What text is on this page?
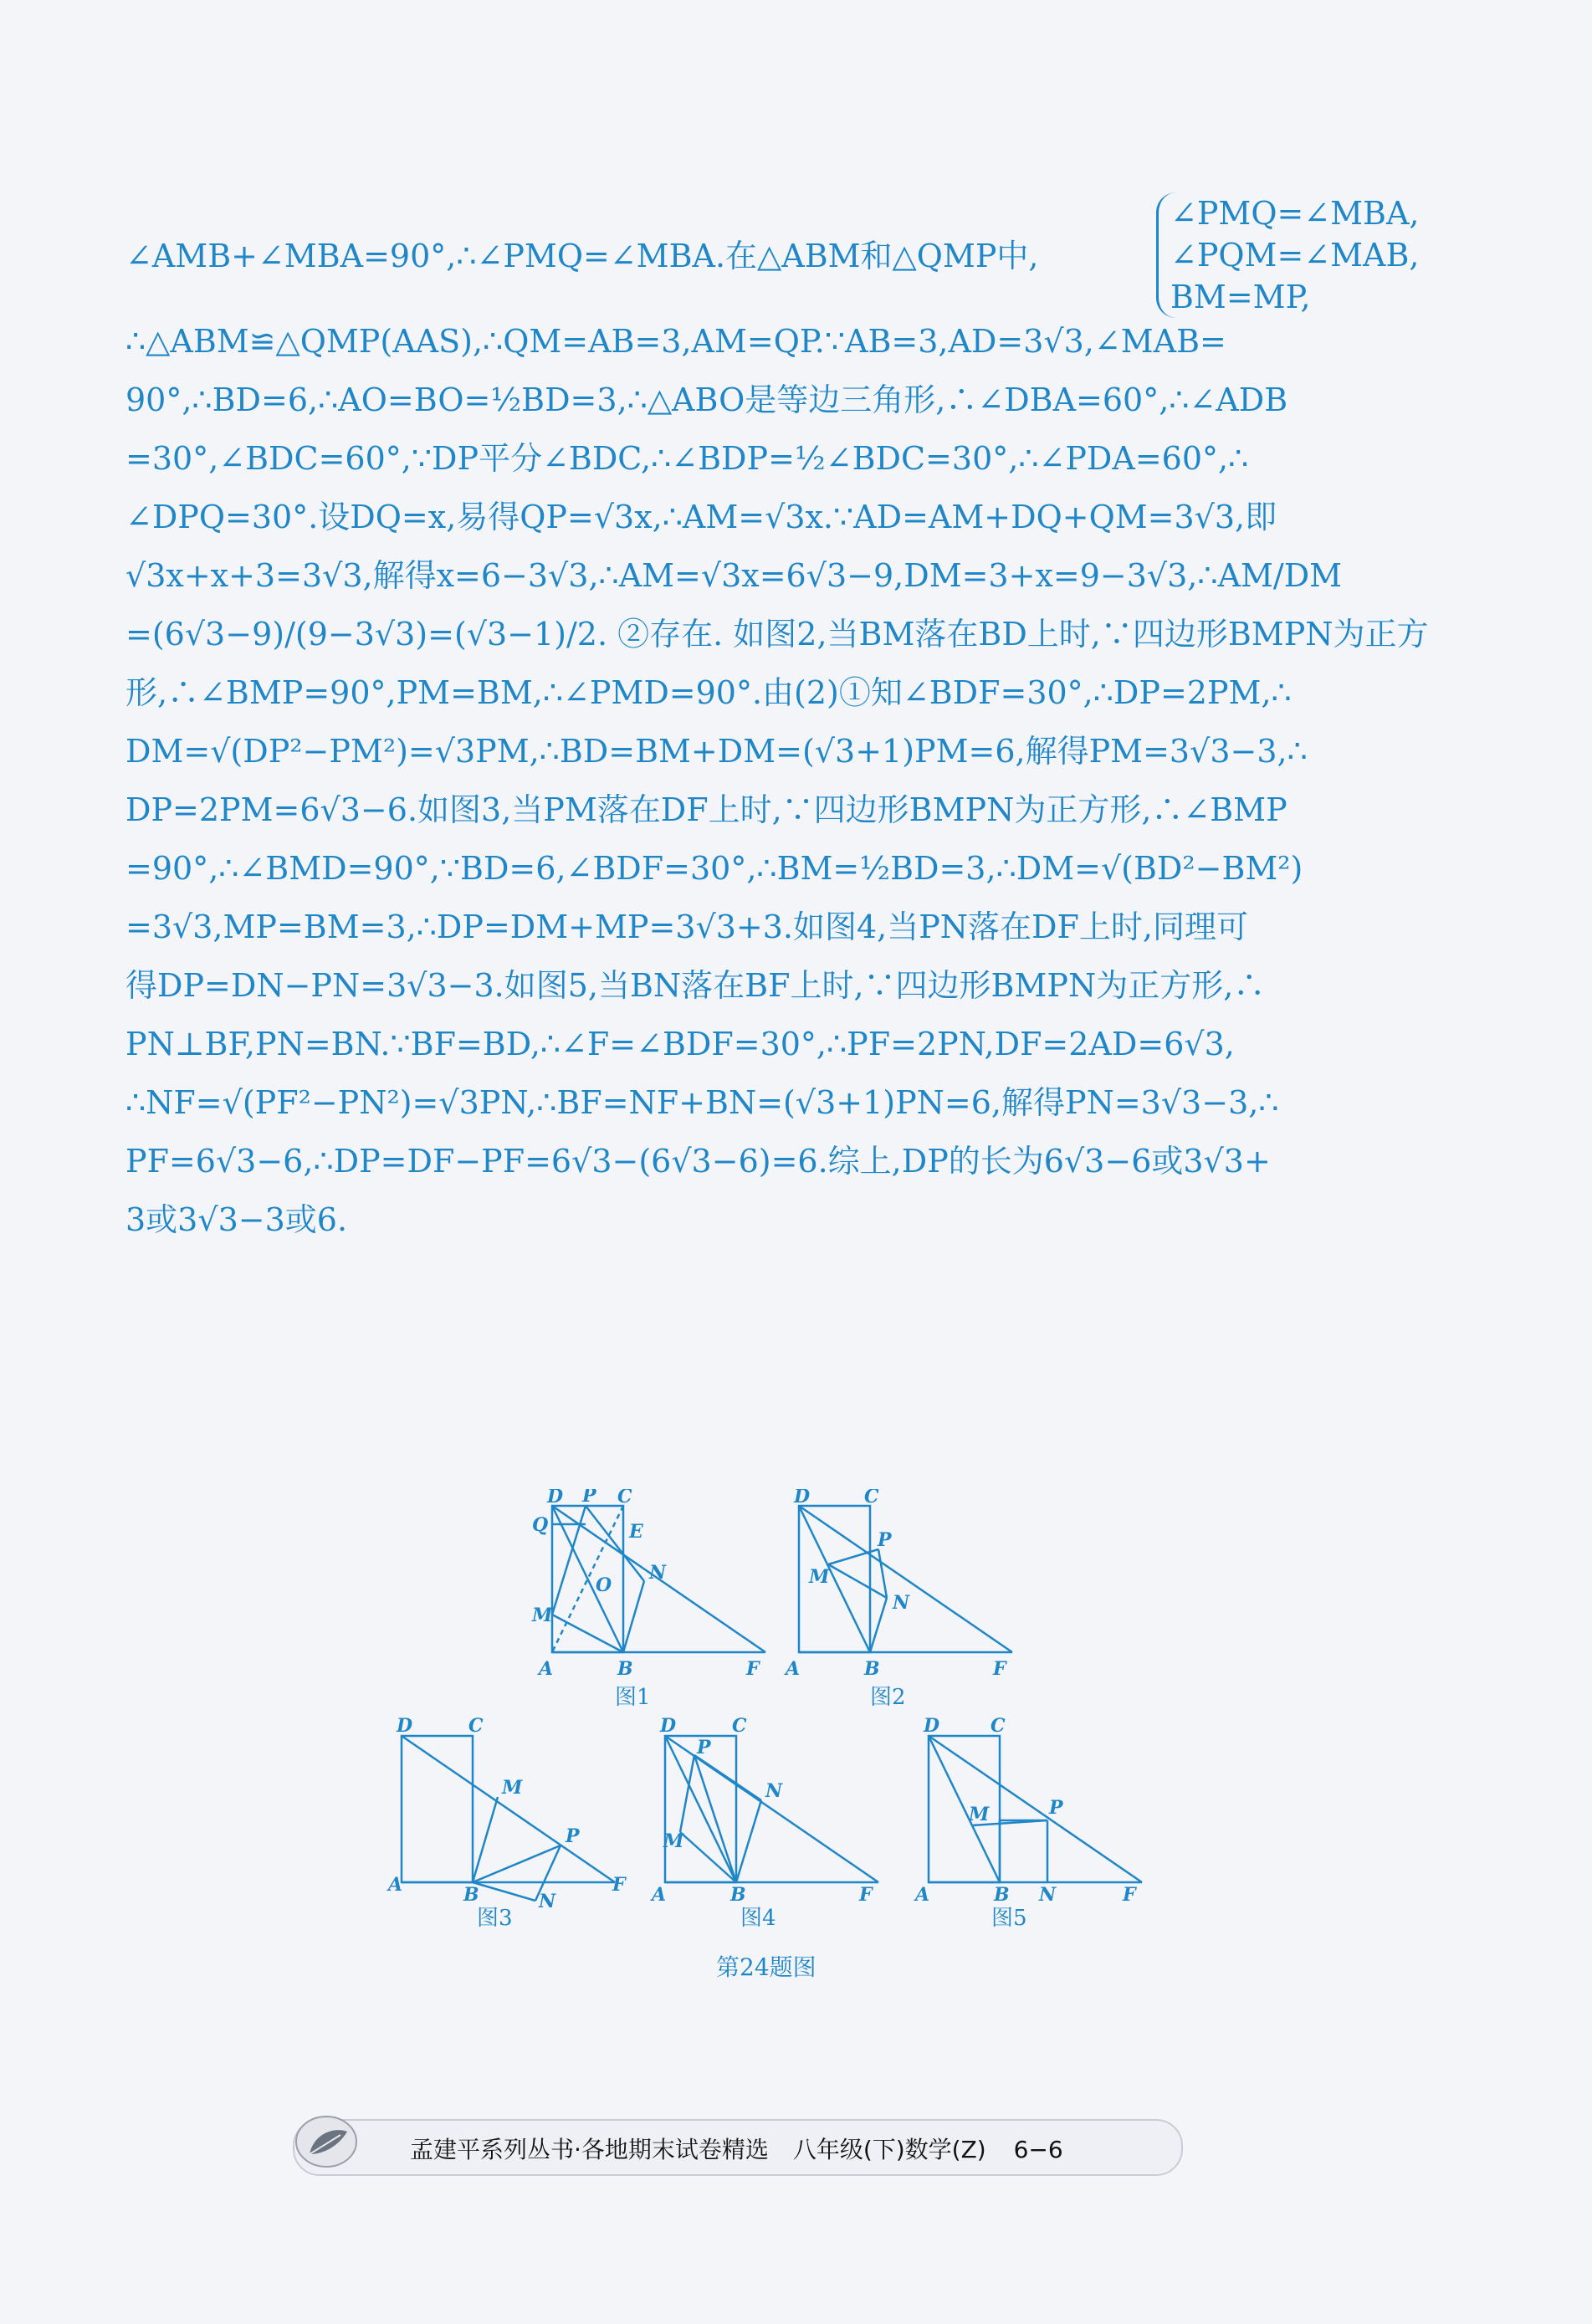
∠AMB+∠MBA=90°,∴∠PMQ=∠MBA.在△ABM和△QMP中,
∠PMQ=∠MBA,
∠PQM=∠MAB,
BM=MP,
∴△ABM≌△QMP(AAS),∴QM=AB=3,AM=QP.∵AB=3,AD=3√3,∠MAB=
90°,∴BD=6,∴AO=BO=½BD=3,∴△ABO是等边三角形,∴∠DBA=60°,∴∠ADB
=30°,∠BDC=60°,∵DP平分∠BDC,∴∠BDP=½∠BDC=30°,∴∠PDA=60°,∴
∠DPQ=30°.设DQ=x,易得QP=√3x,∴AM=√3x.∵AD=AM+DQ+QM=3√3,即
√3x+x+3=3√3,解得x=6−3√3,∴AM=√3x=6√3−9,DM=3+x=9−3√3,∴AM/DM
=(6√3−9)/(9−3√3)=(√3−1)/2. ②存在. 如图2,当BM落在BD上时,∵四边形BMPN为正方
形,∴∠BMP=90°,PM=BM,∴∠PMD=90°.由(2)①知∠BDF=30°,∴DP=2PM,∴
DM=√(DP²−PM²)=√3PM,∴BD=BM+DM=(√3+1)PM=6,解得PM=3√3−3,∴
DP=2PM=6√3−6.如图3,当PM落在DF上时,∵四边形BMPN为正方形,∴∠BMP
=90°,∴∠BMD=90°,∵BD=6,∠BDF=30°,∴BM=½BD=3,∴DM=√(BD²−BM²)
=3√3,MP=BM=3,∴DP=DM+MP=3√3+3.如图4,当PN落在DF上时,同理可
得DP=DN−PN=3√3−3.如图5,当BN落在BF上时,∵四边形BMPN为正方形,∴
PN⊥BF,PN=BN.∵BF=BD,∴∠F=∠BDF=30°,∴PF=2PN,DF=2AD=6√3,
∴NF=√(PF²−PN²)=√3PN,∴BF=NF+BN=(√3+1)PN=6,解得PN=3√3−3,∴
PF=6√3−6,∴DP=DF−PF=6√3−(6√3−6)=6.综上,DP的长为6√3−6或3√3+
3或3√3−3或6.
D	C
P
Q	E
N
O
M
A	B	F
图1
D	C
P
M
N
A	B	F
图2
D	C
M
P
A	B	F
N
图3
D	C
P
N
M
A	B	F
图4
D	C
M	P
A	B N	F
图5
第24题图
孟建平系列丛书·各地期末试卷精选 八年级(下)数学(Z) 6−6
